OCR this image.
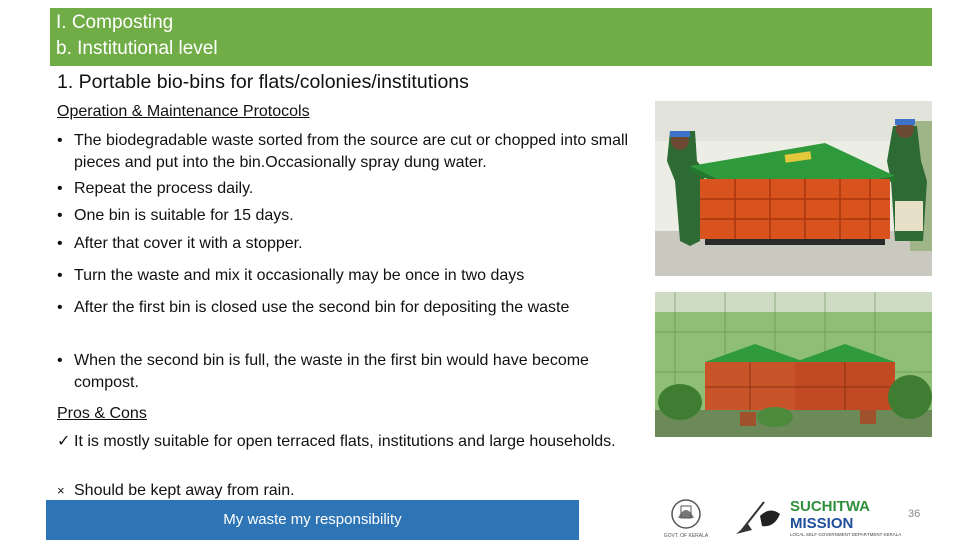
I. Composting
b. Institutional level
1. Portable bio-bins for flats/colonies/institutions
Operation & Maintenance Protocols
• The biodegradable waste sorted from the source are cut or chopped into small pieces and put into the bin.Occasionally spray dung water.
• Repeat the process daily.
• One bin is suitable for 15 days.
• After that cover it with a stopper.
• Turn the waste and mix it occasionally may be once in two days
• After the first bin is closed use the second bin for depositing the waste
• When the second bin is full, the waste in the first bin would have become compost.
Pros & Cons
✓ It is mostly suitable for open terraced flats, institutions and large households.
× Should be kept away from rain.
My waste my responsibility
GOVT. OF KERALA
SUCHITWA
MISSION
LOCAL SELF GOVERNMENT DEPARTMENT KERALA
36
